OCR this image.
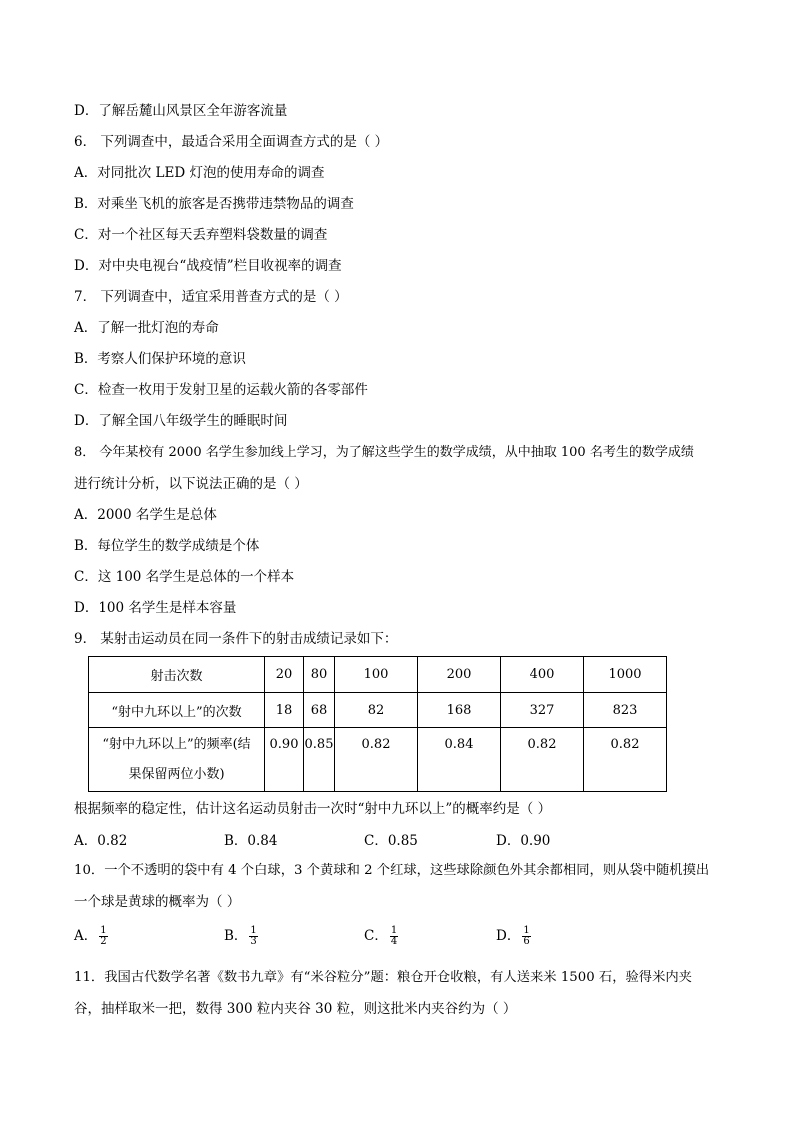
D．了解岳麓山风景区全年游客流量
6． 下列调查中，最适合采用全面调查方式的是（ ）
A．对同批次 LED 灯泡的使用寿命的调查
B．对乘坐飞机的旅客是否携带违禁物品的调查
C．对一个社区每天丢弃塑料袋数量的调查
D．对中央电视台“战疫情”栏目收视率的调查
7． 下列调查中，适宜采用普查方式的是（ ）
A．了解一批灯泡的寿命
B．考察人们保护环境的意识
C．检查一枚用于发射卫星的运载火箭的各零部件
D．了解全国八年级学生的睡眠时间
8． 今年某校有 2000 名学生参加线上学习，为了解这些学生的数学成绩，从中抽取 100 名考生的数学成绩
进行统计分析，以下说法正确的是（ ）
A．2000 名学生是总体
B．每位学生的数学成绩是个体
C．这 100 名学生是总体的一个样本
D．100 名学生是样本容量
9． 某射击运动员在同一条件下的射击成绩记录如下：
射击次数	20	80	100	200	400	1000
“射中九环以上”的次数	18	68	82	168	327	823

“射中九环以上”的频率(结
果保留两位小数)	0.90	0.85	0.82	0.84	0.82	0.82
根据频率的稳定性，估计这名运动员射击一次时“射中九环以上”的概率约是（ ）
A．0.82	B．0.84	C．0.85	D．0.90
10．一个不透明的袋中有 4 个白球，3 个黄球和 2 个红球，这些球除颜色外其余都相同，则从袋中随机摸出
一个球是黄球的概率为（ ）
A． $\frac{1}{2}$	B． $\frac{1}{3}$	C． $\frac{1}{4}$	D． $\frac{1}{6}$
11．我国古代数学名著《数书九章》有“米谷粒分”题：粮仓开仓收粮，有人送来米 1500 石，验得米内夹
谷，抽样取米一把，数得 300 粒内夹谷 30 粒，则这批米内夹谷约为（ ）
